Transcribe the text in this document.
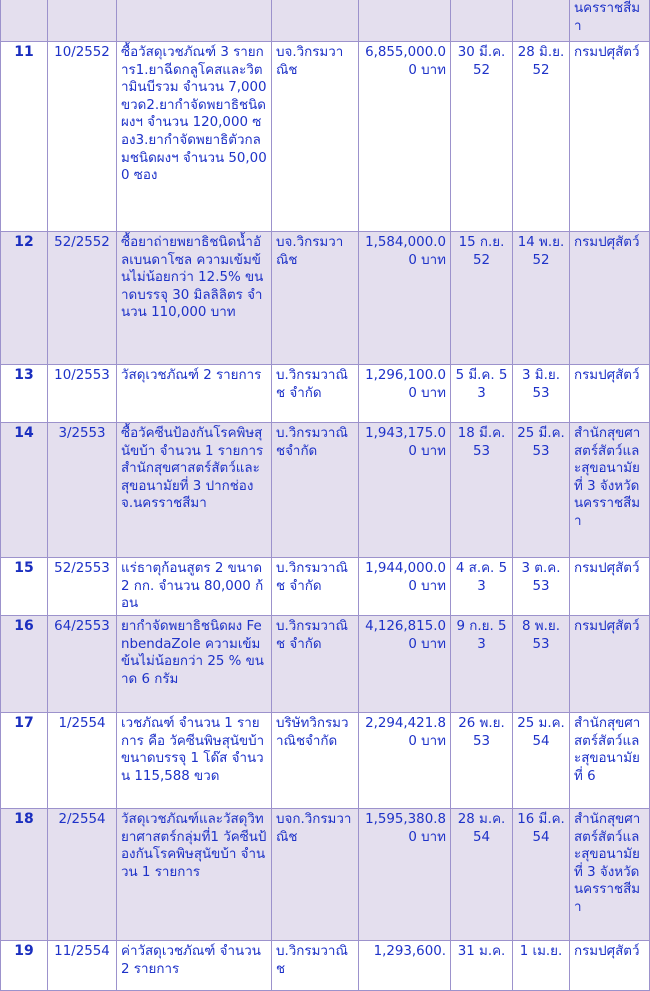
							นครราชสีมา
11	10/2552	ซื้อวัสดุเวชภัณฑ์ 3 รายการ1.ยาฉีดกลูโคสและวิตามินบีรวม จำนวน 7,000 ขวด2.ยากำจัดพยาธิชนิดผงฯ จำนวน 120,000 ซอง3.ยากำจัดพยาธิตัวกลมชนิดผงฯ จำนวน 50,000 ซอง	บจ.วิกรมวาณิช	6,855,000.00 บาท	30 มี.ค. 52	28 มิ.ย. 52	กรมปศุสัตว์
12	52/2552	ซื้อยาถ่ายพยาธิชนิดน้ำอัลเบนดาโซล ความเข้มข้นไม่น้อยกว่า 12.5% ขนาดบรรจุ 30 มิลลิลิตร จำนวน 110,000 บาท	บจ.วิกรมวาณิช	1,584,000.00 บาท	15 ก.ย. 52	14 พ.ย. 52	กรมปศุสัตว์
13	10/2553	วัสดุเวชภัณฑ์ 2 รายการ	บ.วิกรมวาณิช จำกัด	1,296,100.00 บาท	5 มี.ค. 53	3 มิ.ย. 53	กรมปศุสัตว์
14	3/2553	ซื้อวัคซีนป้องกันโรคพิษสุนัขบ้า จำนวน 1 รายการสำนักสุขศาสตร์สัตว์และสุขอนามัยที่ 3 ปากช่องจ.นครราชสีมา	บ.วิกรมวาณิชจำกัด	1,943,175.00 บาท	18 มี.ค. 53	25 มี.ค. 53	สำนักสุขศาสตร์สัตว์และสุขอนามัยที่ 3 จังหวัดนครราชสีมา
15	52/2553	แร่ธาตุก้อนสูตร 2 ขนาด 2 กก. จำนวน 80,000 ก้อน	บ.วิกรมวาณิช จำกัด	1,944,000.00 บาท	4 ส.ค. 53	3 ต.ค. 53	กรมปศุสัตว์
16	64/2553	ยากำจัดพยาธิชนิดผง FenbendaZole ความเข้มข้นไม่น้อยกว่า 25 % ขนาด 6 กรัม	บ.วิกรมวาณิช จำกัด	4,126,815.00 บาท	9 ก.ย. 53	8 พ.ย. 53	กรมปศุสัตว์
17	1/2554	เวชภัณฑ์ จำนวน 1 รายการ คือ วัคซีนพิษสุนัขบ้า ขนาดบรรจุ 1 โด๊ส จำนวน 115,588 ขวด	บริษัทวิกรมวาณิชจำกัด	2,294,421.80 บาท	26 พ.ย. 53	25 ม.ค. 54	สำนักสุขศาสตร์สัตว์และสุขอนามัยที่ 6
18	2/2554	วัสดุเวชภัณฑ์และวัสดุวิทยาศาสตร์กลุ่มที่1 วัคซีนป้องกันโรคพิษสุนัขบ้า จำนวน 1 รายการ	บจก.วิกรมวาณิช	1,595,380.80 บาท	28 ม.ค. 54	16 มี.ค. 54	สำนักสุขศาสตร์สัตว์และสุขอนามัยที่ 3 จังหวัดนครราชสีมา
19	11/2554	ค่าวัสดุเวชภัณฑ์ จำนวน 2 รายการ	บ.วิกรมวาณิช	1,293,600.	31 ม.ค.	1 เม.ย.	กรมปศุสัตว์
